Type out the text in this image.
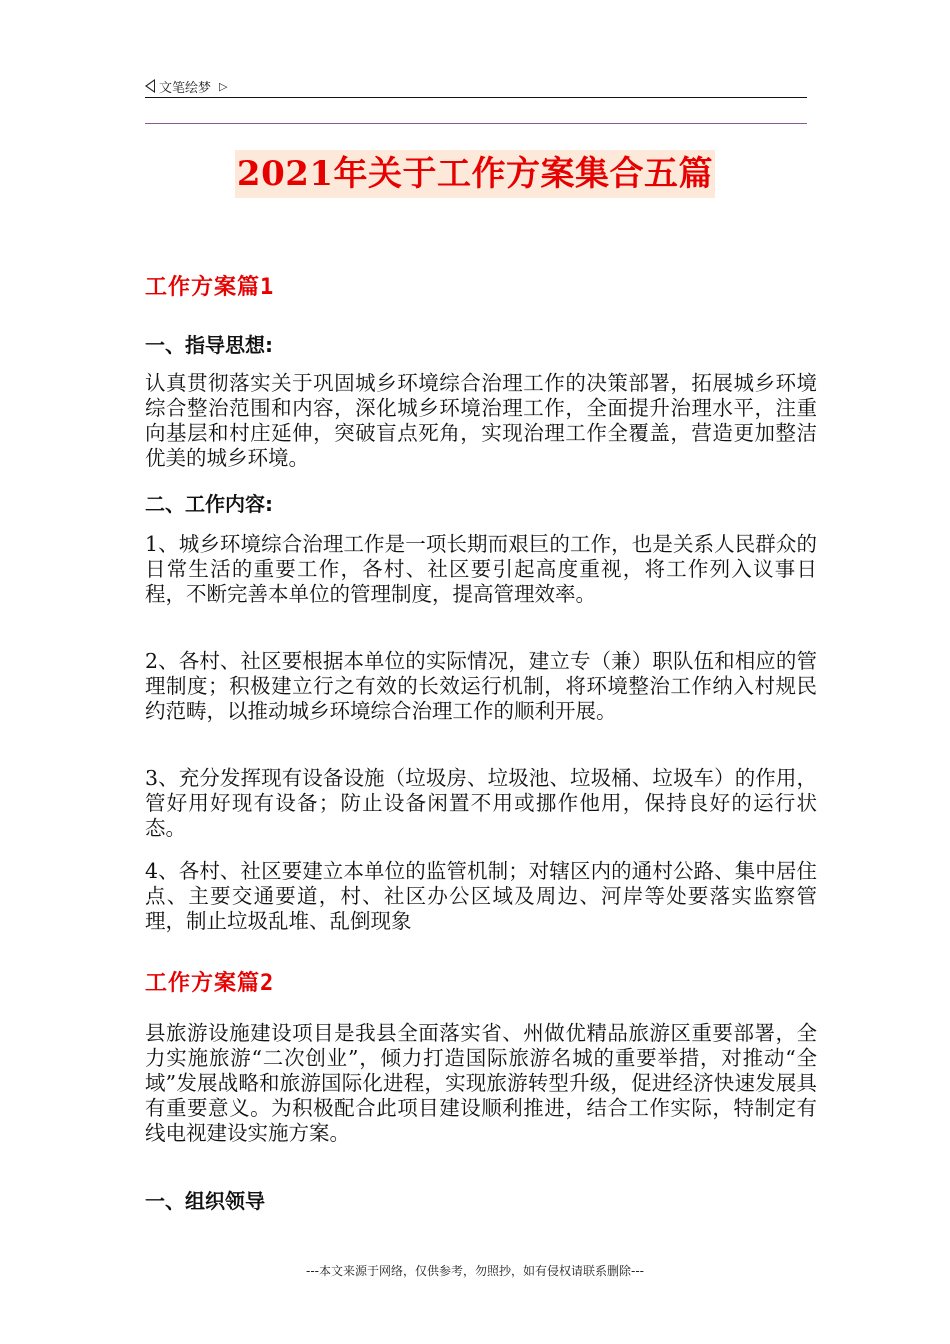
文笔绘梦 ▷
2021年关于工作方案集合五篇
工作方案篇1
一、指导思想:

认真贯彻落实关于巩固城乡环境综合治理工作的决策部署，拓展城乡环境综合整治范围和内容，深化城乡环境治理工作，全面提升治理水平，注重向基层和村庄延伸，突破盲点死角，实现治理工作全覆盖，营造更加整洁优美的城乡环境。

二、工作内容:

1、城乡环境综合治理工作是一项长期而艰巨的工作，也是关系人民群众的日常生活的重要工作，各村、社区要引起高度重视，将工作列入议事日程，不断完善本单位的管理制度，提高管理效率。

2、各村、社区要根据本单位的实际情况，建立专（兼）职队伍和相应的管理制度；积极建立行之有效的长效运行机制，将环境整治工作纳入村规民约范畴，以推动城乡环境综合治理工作的顺利开展。

3、充分发挥现有设备设施（垃圾房、垃圾池、垃圾桶、垃圾车）的作用，管好用好现有设备；防止设备闲置不用或挪作他用，保持良好的运行状态。

4、各村、社区要建立本单位的监管机制；对辖区内的通村公路、集中居住点、主要交通要道，村、社区办公区域及周边、河岸等处要落实监察管理，制止垃圾乱堆、乱倒现象

工作方案篇2

县旅游设施建设项目是我县全面落实省、州做优精品旅游区重要部署，全力实施旅游“二次创业”，倾力打造国际旅游名城的重要举措，对推动“全域”发展战略和旅游国际化进程，实现旅游转型升级，促进经济快速发展具有重要意义。为积极配合此项目建设顺利推进，结合工作实际，特制定有线电视建设实施方案。

一、组织领导
---本文来源于网络，仅供参考，勿照抄，如有侵权请联系删除---
